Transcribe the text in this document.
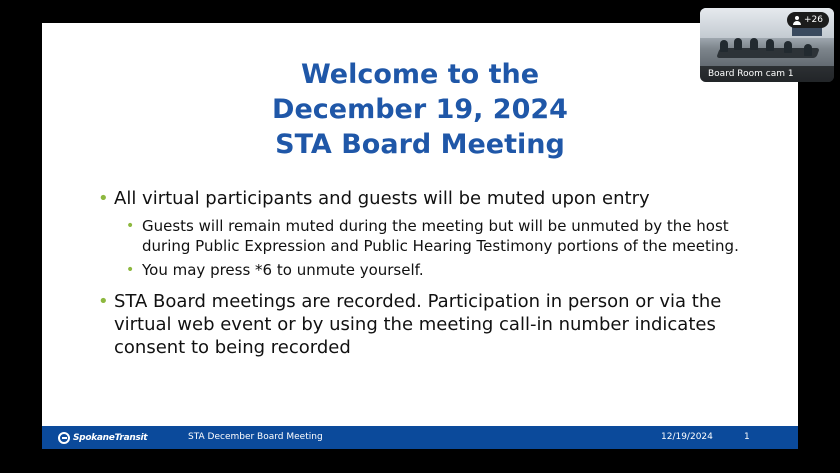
Welcome to the
December 19, 2024
STA Board Meeting
• All virtual participants and guests will be muted upon entry
• Guests will remain muted during the meeting but will be unmuted by the host during Public Expression and Public Hearing Testimony portions of the meeting.
• You may press *6 to unmute yourself.
• STA Board meetings are recorded. Participation in person or via the virtual web event or by using the meeting call-in number indicates consent to being recorded
SpokaneTransit	STA December Board Meeting	12/19/2024	1
+26
Board Room cam 1
